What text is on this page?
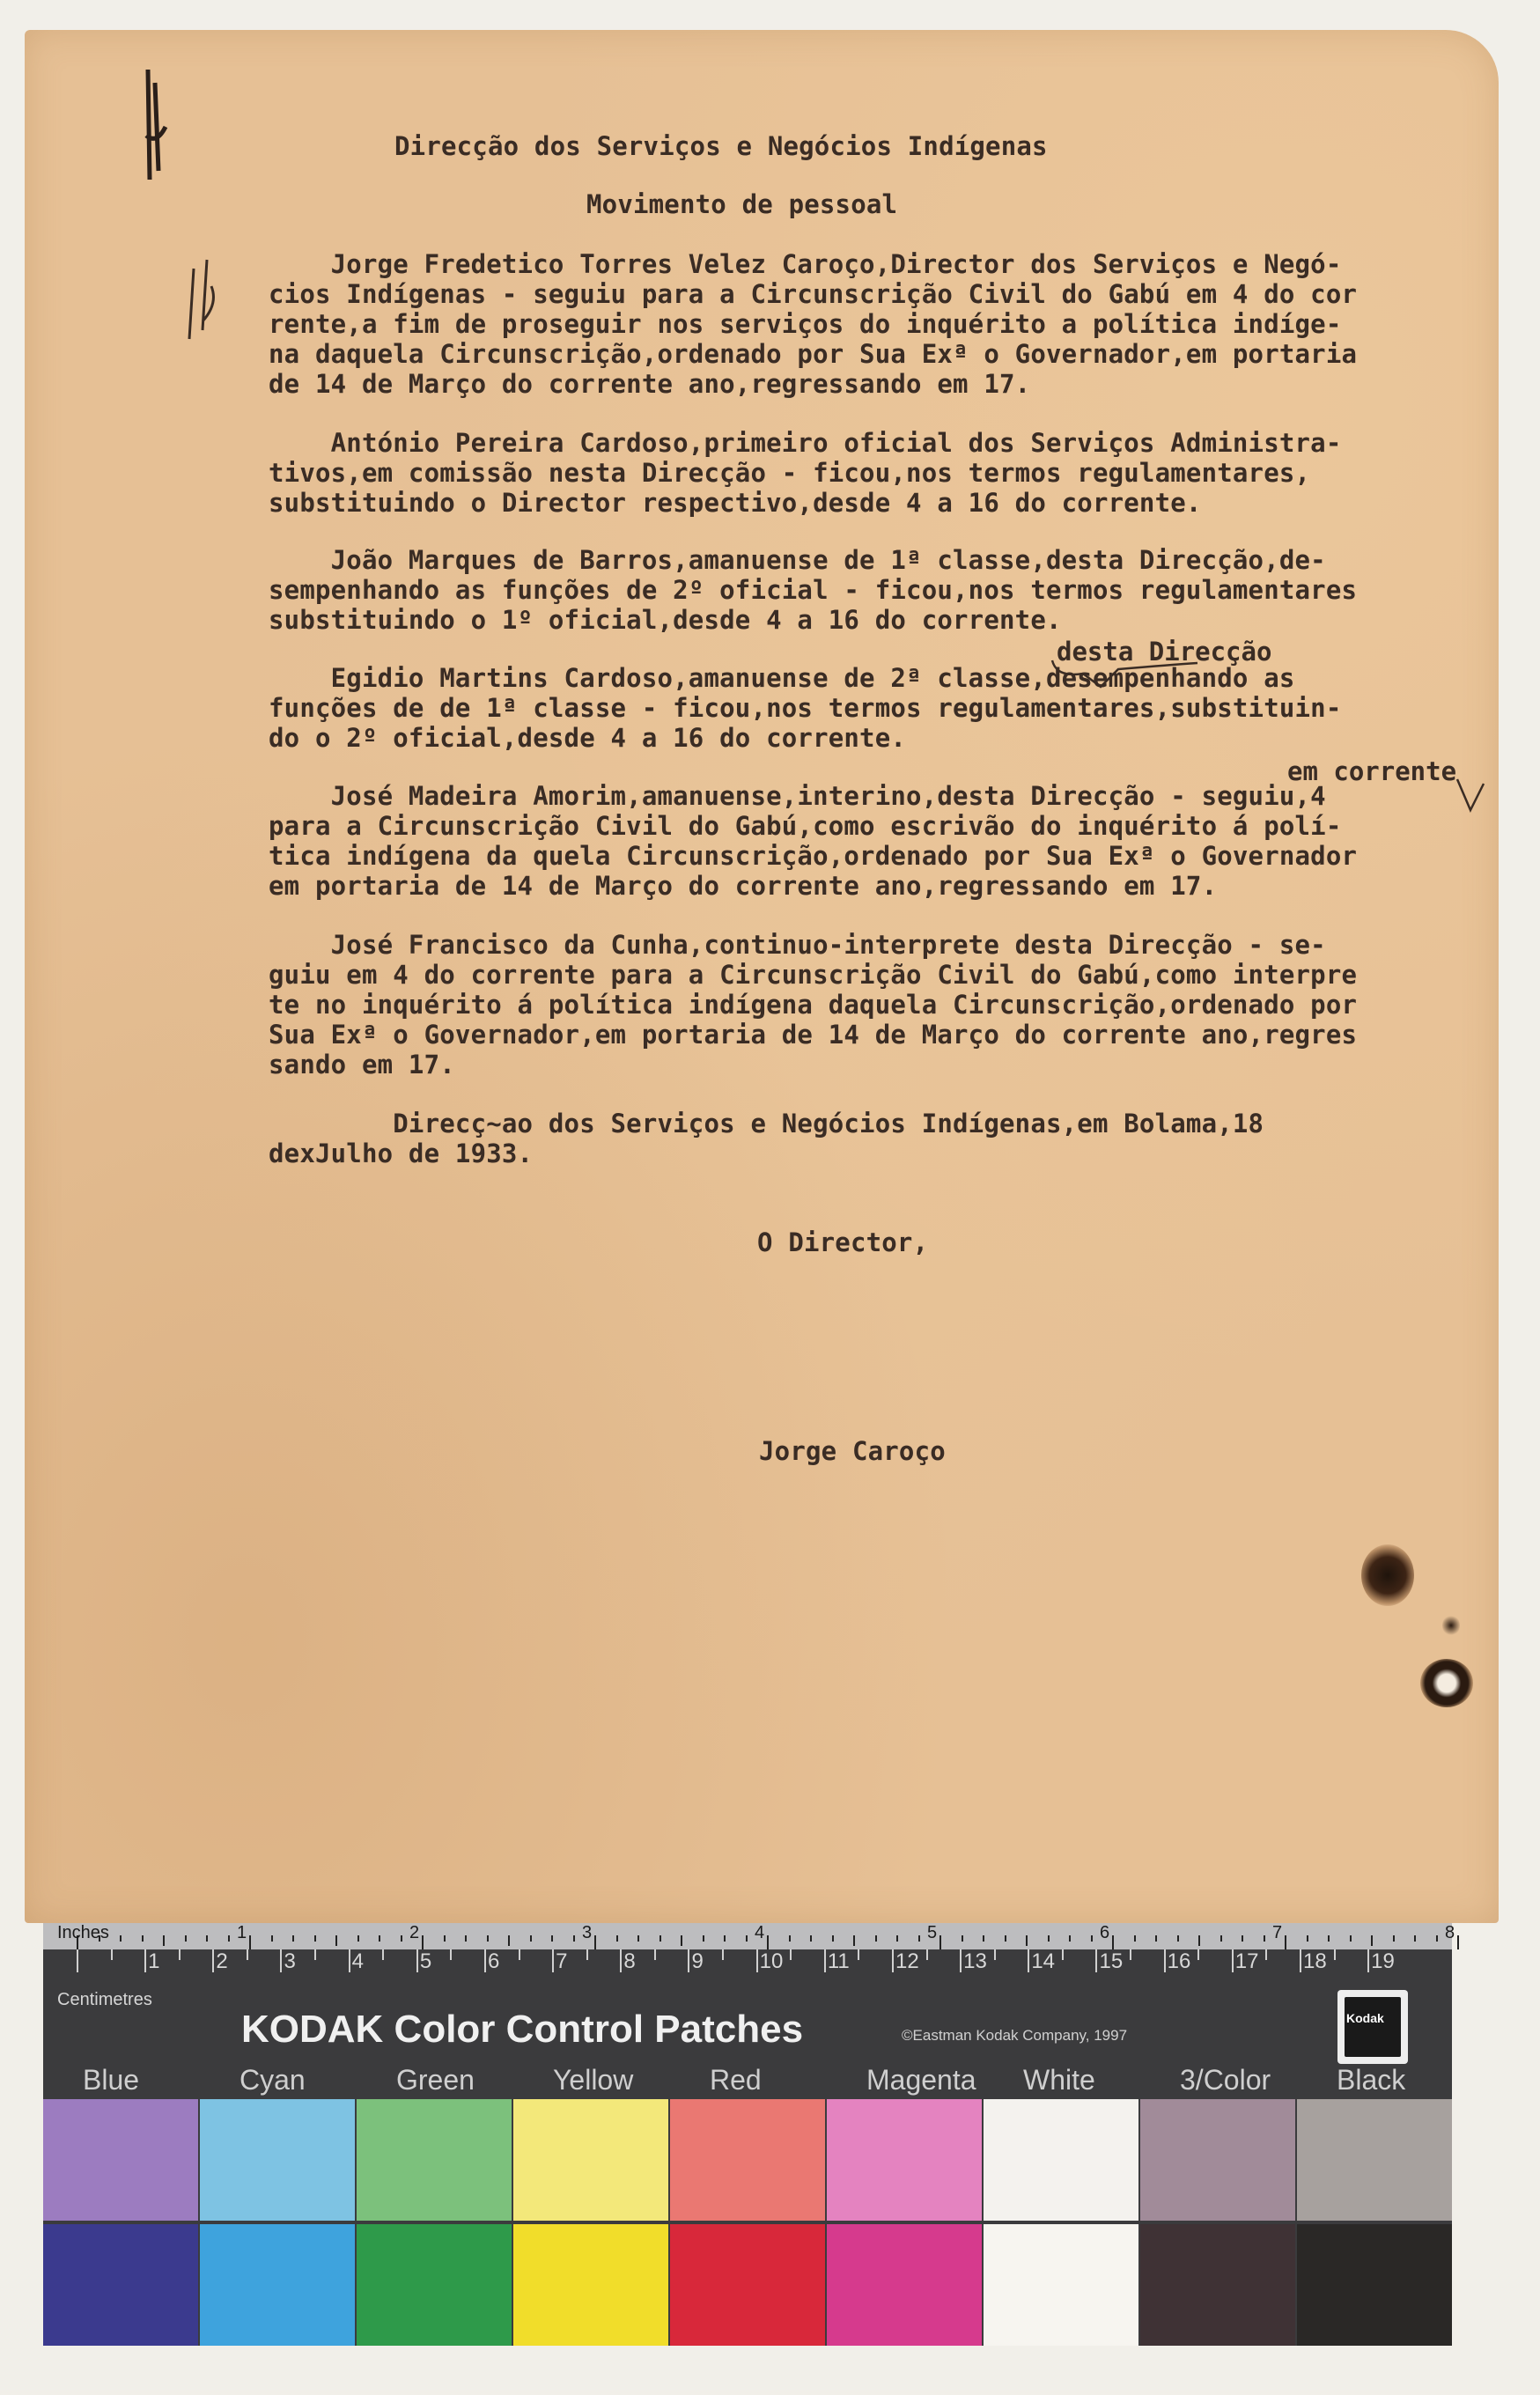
Direcção dos Serviços e Negócios Indígenas
Movimento de pessoal
Jorge Fredetico Torres Velez Caroço,Director dos Serviços e Negó-
cios Indígenas - seguiu para a Circunscrição Civil do Gabú em 4 do cor
rente,a fim de proseguir nos serviços do inquérito a política indíge-
na daquela Circunscrição,ordenado por Sua Exª o Governador,em portaria
de 14 de Março do corrente ano,regressando em 17.
António Pereira Cardoso,primeiro oficial dos Serviços Administra-
tivos,em comissão nesta Direcção - ficou,nos termos regulamentares,
substituindo o Director respectivo,desde 4 a 16 do corrente.
João Marques de Barros,amanuense de 1ª classe,desta Direcção,de-
sempenhando as funções de 2º oficial - ficou,nos termos regulamentares
substituindo o 1º oficial,desde 4 a 16 do corrente.
desta Direcção
Egidio Martins Cardoso,amanuense de 2ª classe,desempenhando as
funções de de 1ª classe - ficou,nos termos regulamentares,substituin-
do o 2º oficial,desde 4 a 16 do corrente.
em corrente
José Madeira Amorim,amanuense,interino,desta Direcção - seguiu,4
para a Circunscrição Civil do Gabú,como escrivão do inquérito á polí-
tica indígena da quela Circunscrição,ordenado por Sua Exª o Governador
em portaria de 14 de Março do corrente ano,regressando em 17.
José Francisco da Cunha,continuo-interprete desta Direcção - se-
guiu em 4 do corrente para a Circunscrição Civil do Gabú,como interpre
te no inquérito á política indígena daquela Circunscrição,ordenado por
Sua Exª o Governador,em portaria de 14 de Março do corrente ano,regres
sando em 17.
Direcç~ao dos Serviços e Negócios Indígenas,em Bolama,18
dexJulho de 1933.
O Director,
Jorge Caroço
1	2	3	4	5	6	7	8
1	2	3	4	5	6	7	8	9	10 11 12 13 14 15 16 17 18 19
Inches
Centimetres
KODAK Color Control Patches	©Eastman Kodak Company, 1997
Kodak
Blue	Cyan	Green	Yellow	Red	Magenta White	3/Color Black
